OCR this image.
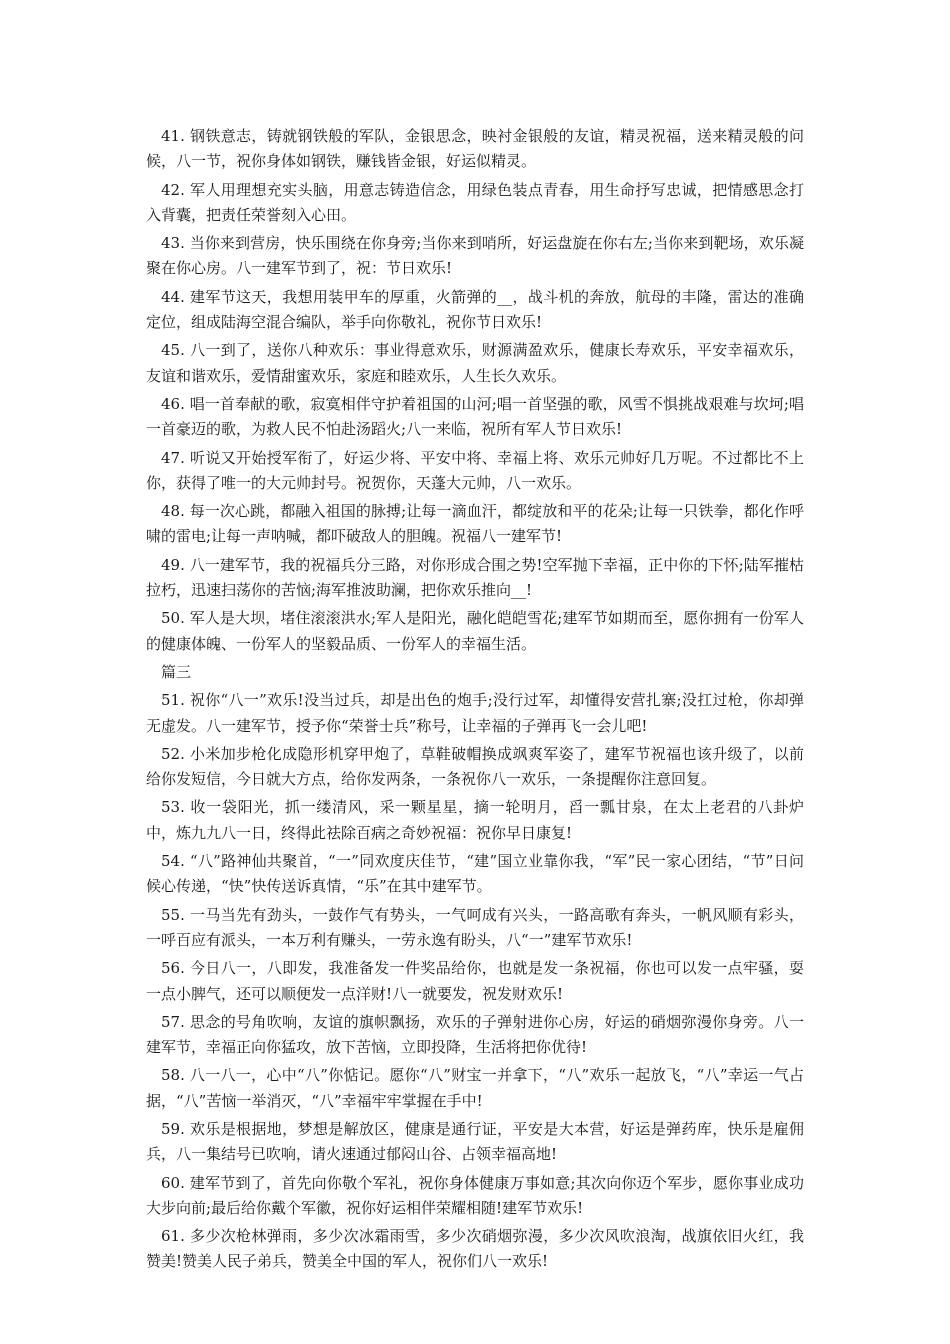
41. 钢铁意志，铸就钢铁般的军队，金银思念，映衬金银般的友谊，精灵祝福，送来精灵般的问候，八一节，祝你身体如钢铁，赚钱皆金银，好运似精灵。

42. 军人用理想充实头脑，用意志铸造信念，用绿色装点青春，用生命抒写忠诚，把情感思念打入背囊，把责任荣誉刻入心田。

43. 当你来到营房，快乐围绕在你身旁;当你来到哨所，好运盘旋在你右左;当你来到靶场，欢乐凝聚在你心房。八一建军节到了，祝：节日欢乐!

44. 建军节这天，我想用装甲车的厚重，火箭弹的__，战斗机的奔放，航母的丰隆，雷达的准确定位，组成陆海空混合编队，举手向你敬礼，祝你节日欢乐!

45. 八一到了，送你八种欢乐：事业得意欢乐，财源满盈欢乐，健康长寿欢乐，平安幸福欢乐，友谊和谐欢乐，爱情甜蜜欢乐，家庭和睦欢乐，人生长久欢乐。

46. 唱一首奉献的歌，寂寞相伴守护着祖国的山河;唱一首坚强的歌，风雪不惧挑战艰难与坎坷;唱一首豪迈的歌，为救人民不怕赴汤蹈火;八一来临，祝所有军人节日欢乐!

47. 听说又开始授军衔了，好运少将、平安中将、幸福上将、欢乐元帅好几万呢。不过都比不上你，获得了唯一的大元帅封号。祝贺你，天蓬大元帅，八一欢乐。

48. 每一次心跳，都融入祖国的脉搏;让每一滴血汗，都绽放和平的花朵;让每一只铁拳，都化作呼啸的雷电;让每一声呐喊，都吓破敌人的胆魄。祝福八一建军节!

49. 八一建军节，我的祝福兵分三路，对你形成合围之势!空军抛下幸福，正中你的下怀;陆军摧枯拉朽，迅速扫荡你的苦恼;海军推波助澜，把你欢乐推向__!

50. 军人是大坝，堵住滚滚洪水;军人是阳光，融化皑皑雪花;建军节如期而至，愿你拥有一份军人的健康体魄、一份军人的坚毅品质、一份军人的幸福生活。

篇三

51. 祝你“八一”欢乐!没当过兵，却是出色的炮手;没行过军，却懂得安营扎寨;没扛过枪，你却弹无虚发。八一建军节，授予你“荣誉士兵”称号，让幸福的子弹再飞一会儿吧!

52. 小米加步枪化成隐形机穿甲炮了，草鞋破帽换成飒爽军姿了，建军节祝福也该升级了，以前给你发短信，今日就大方点，给你发两条，一条祝你八一欢乐，一条提醒你注意回复。

53. 收一袋阳光，抓一缕清风，采一颗星星，摘一轮明月，舀一瓢甘泉，在太上老君的八卦炉中，炼九九八一日，终得此祛除百病之奇妙祝福：祝你早日康复!

54. “八”路神仙共聚首，“一”同欢度庆佳节，“建”国立业靠你我，“军”民一家心团结，“节”日问候心传递，“快”快传送诉真情，“乐”在其中建军节。

55. 一马当先有劲头，一鼓作气有势头，一气呵成有兴头，一路高歌有奔头，一帆风顺有彩头，一呼百应有派头，一本万利有赚头，一劳永逸有盼头，八“一”建军节欢乐!

56. 今日八一，八即发，我准备发一件奖品给你，也就是发一条祝福，你也可以发一点牢骚，耍一点小脾气，还可以顺便发一点洋财!八一就要发，祝发财欢乐!

57. 思念的号角吹响，友谊的旗帜飘扬，欢乐的子弹射进你心房，好运的硝烟弥漫你身旁。八一建军节，幸福正向你猛攻，放下苦恼，立即投降，生活将把你优待!

58. 八一八一，心中“八”你惦记。愿你“八”财宝一并拿下，“八”欢乐一起放飞，“八”幸运一气占据，“八”苦恼一举消灭，“八”幸福牢牢掌握在手中!

59. 欢乐是根据地，梦想是解放区，健康是通行证，平安是大本营，好运是弹药库，快乐是雇佣兵，八一集结号已吹响，请火速通过郁闷山谷、占领幸福高地!

60. 建军节到了，首先向你敬个军礼，祝你身体健康万事如意;其次向你迈个军步，愿你事业成功大步向前;最后给你戴个军徽，祝你好运相伴荣耀相随!建军节欢乐!

61. 多少次枪林弹雨，多少次冰霜雨雪，多少次硝烟弥漫，多少次风吹浪淘，战旗依旧火红，我赞美!赞美人民子弟兵，赞美全中国的军人，祝你们八一欢乐!
